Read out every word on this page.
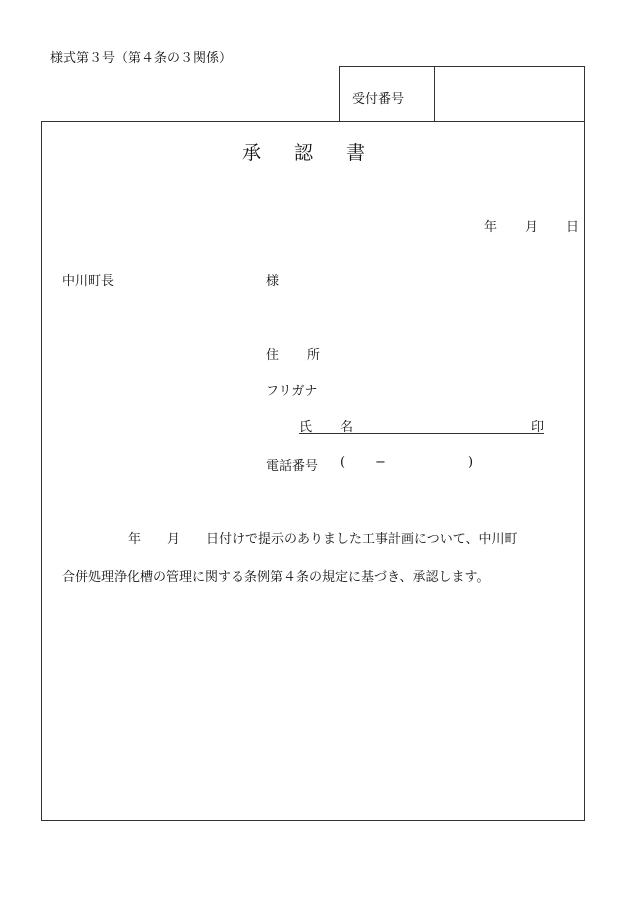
様式第３号（第４条の３関係）
受付番号
承認書
年 月 日
中川町長	様
住 所
フリガナ
氏 名	印
電話番号 ( −	)
年 月 日付けで提示のありました工事計画について、中川町
合併処理浄化槽の管理に関する条例第４条の規定に基づき、承認します。
